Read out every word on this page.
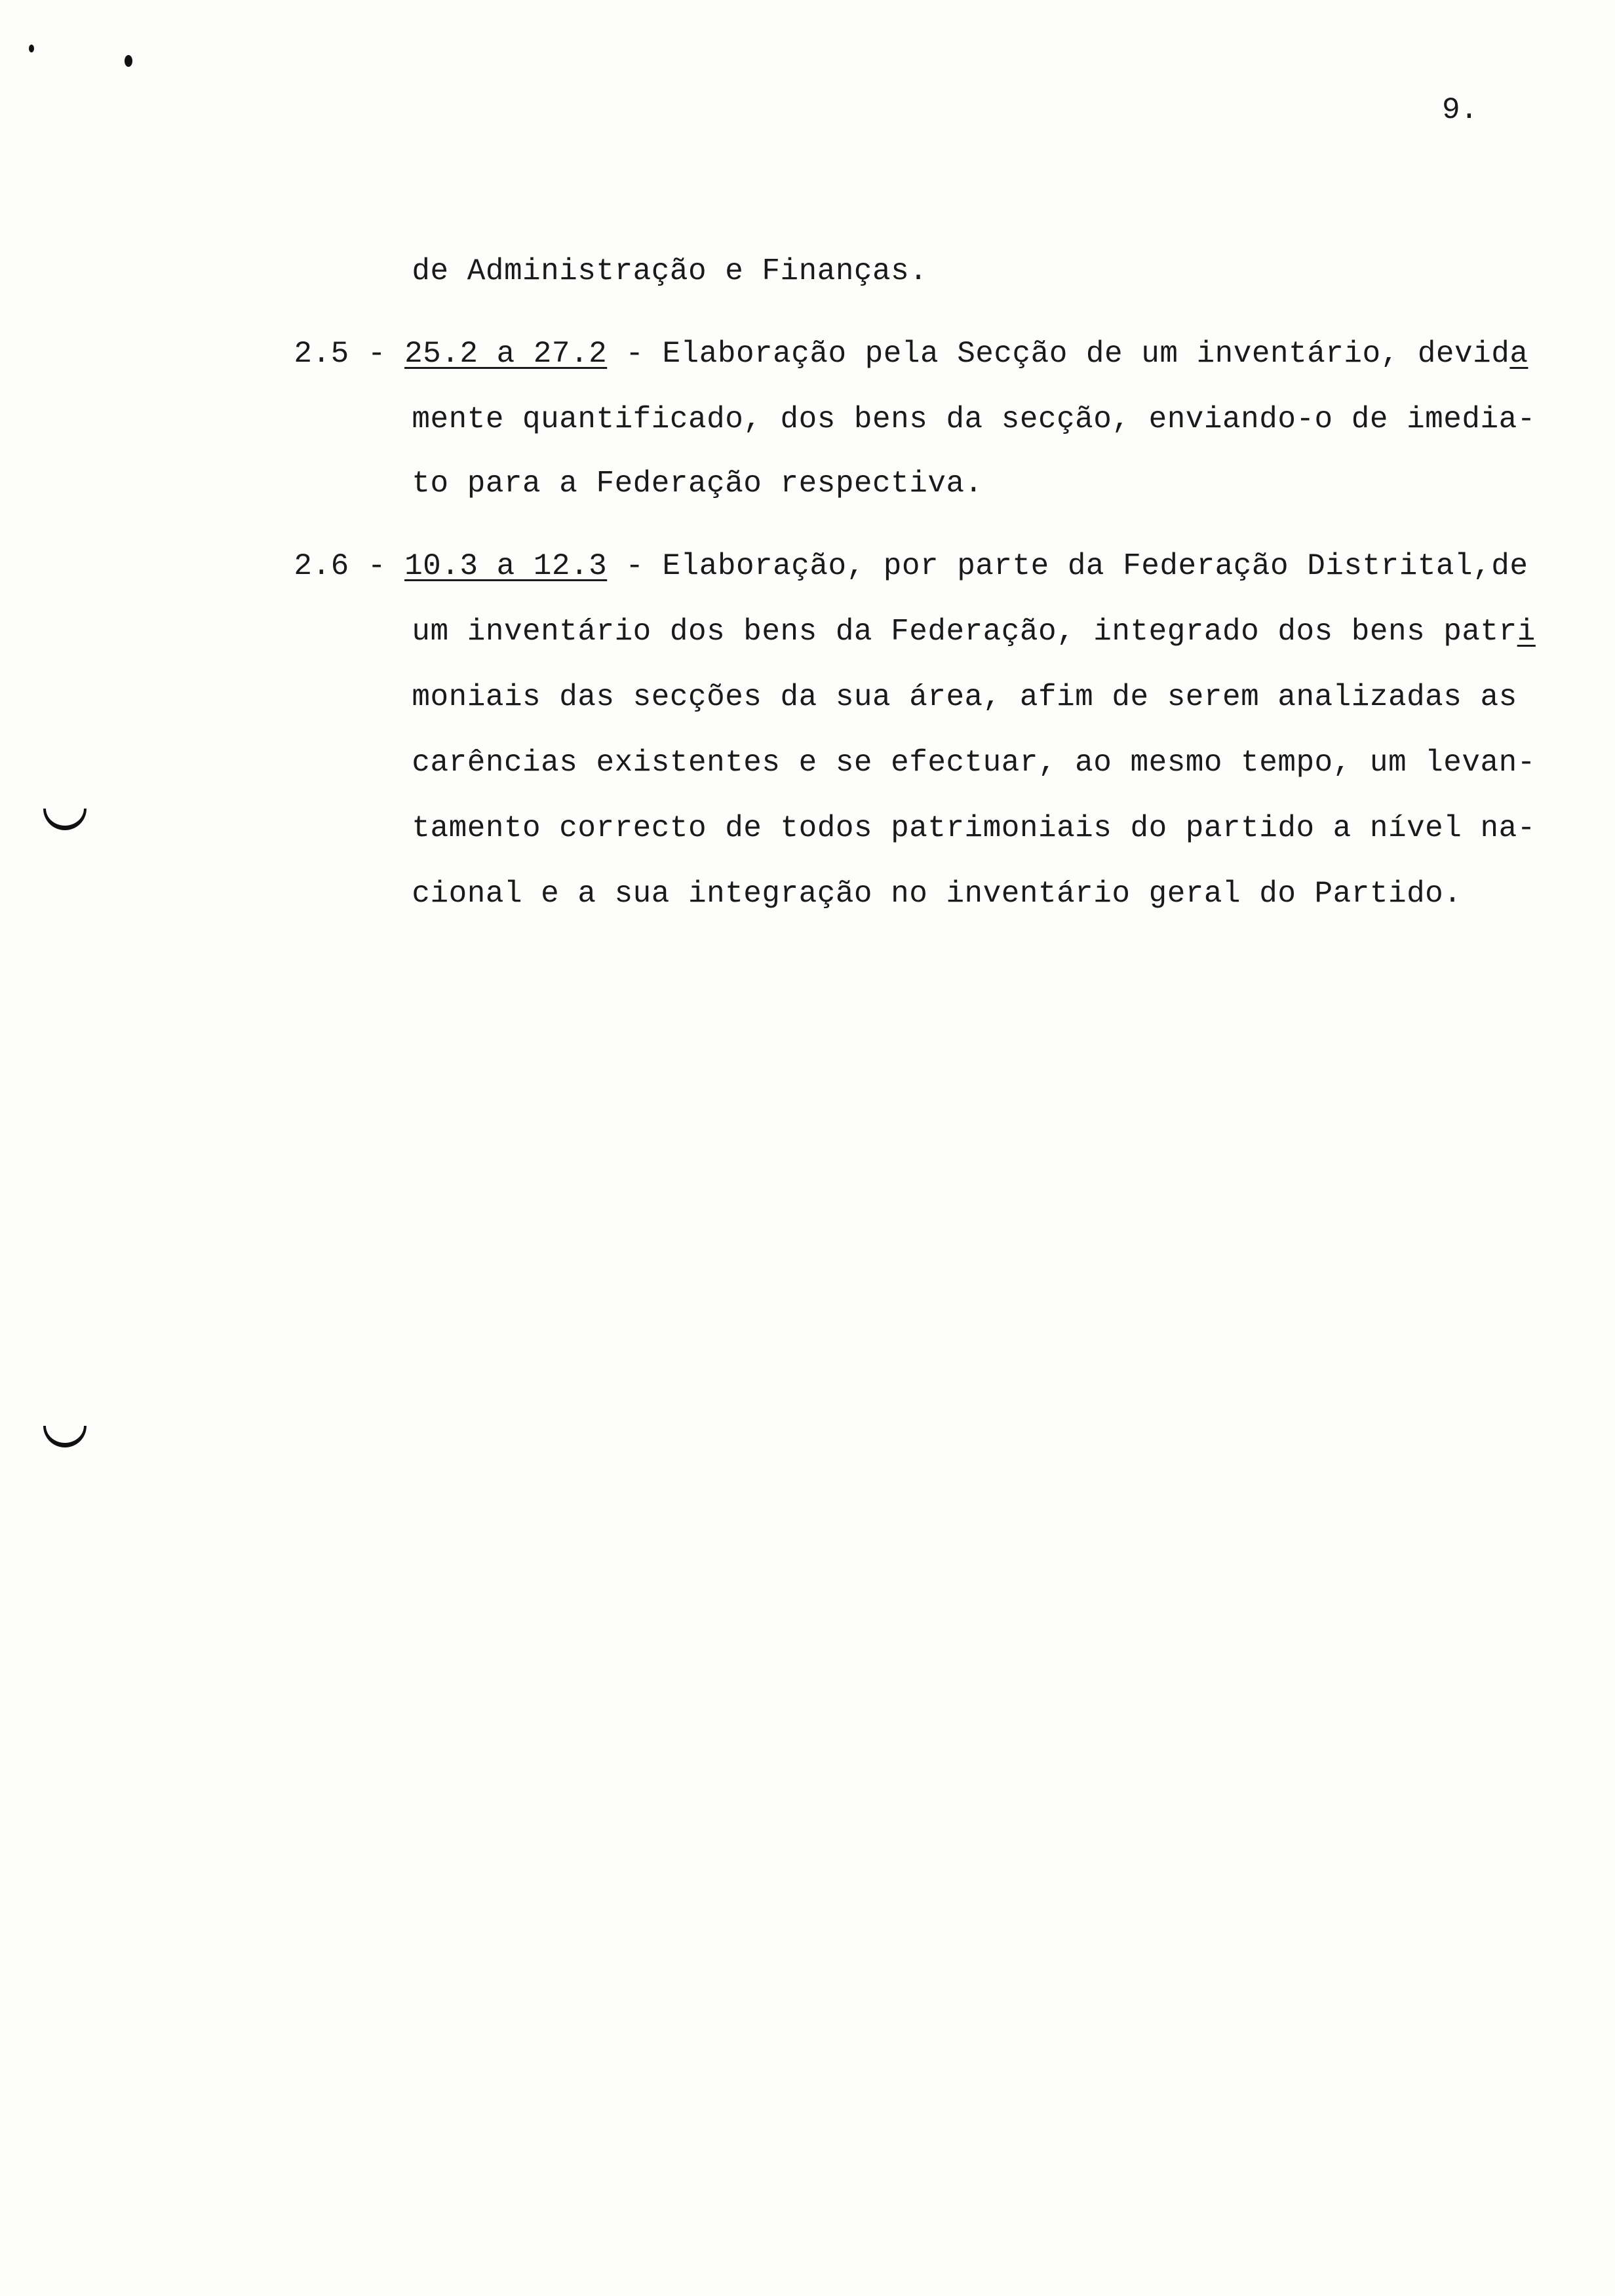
9.

de Administração e Finanças.

2.5 - 25.2 a 27.2 - Elaboração pela Secção de um inventário, devida

mente quantificado, dos bens da secção, enviando-o de imedia-

to para a Federação respectiva.

2.6 - 10.3 a 12.3 - Elaboração, por parte da Federação Distrital,de

um inventário dos bens da Federação, integrado dos bens patri

moniais das secções da sua área, afim de serem analizadas as

carências existentes e se efectuar, ao mesmo tempo, um levan-

tamento correcto de todos patrimoniais do partido a nível na-

cional e a sua integração no inventário geral do Partido.
